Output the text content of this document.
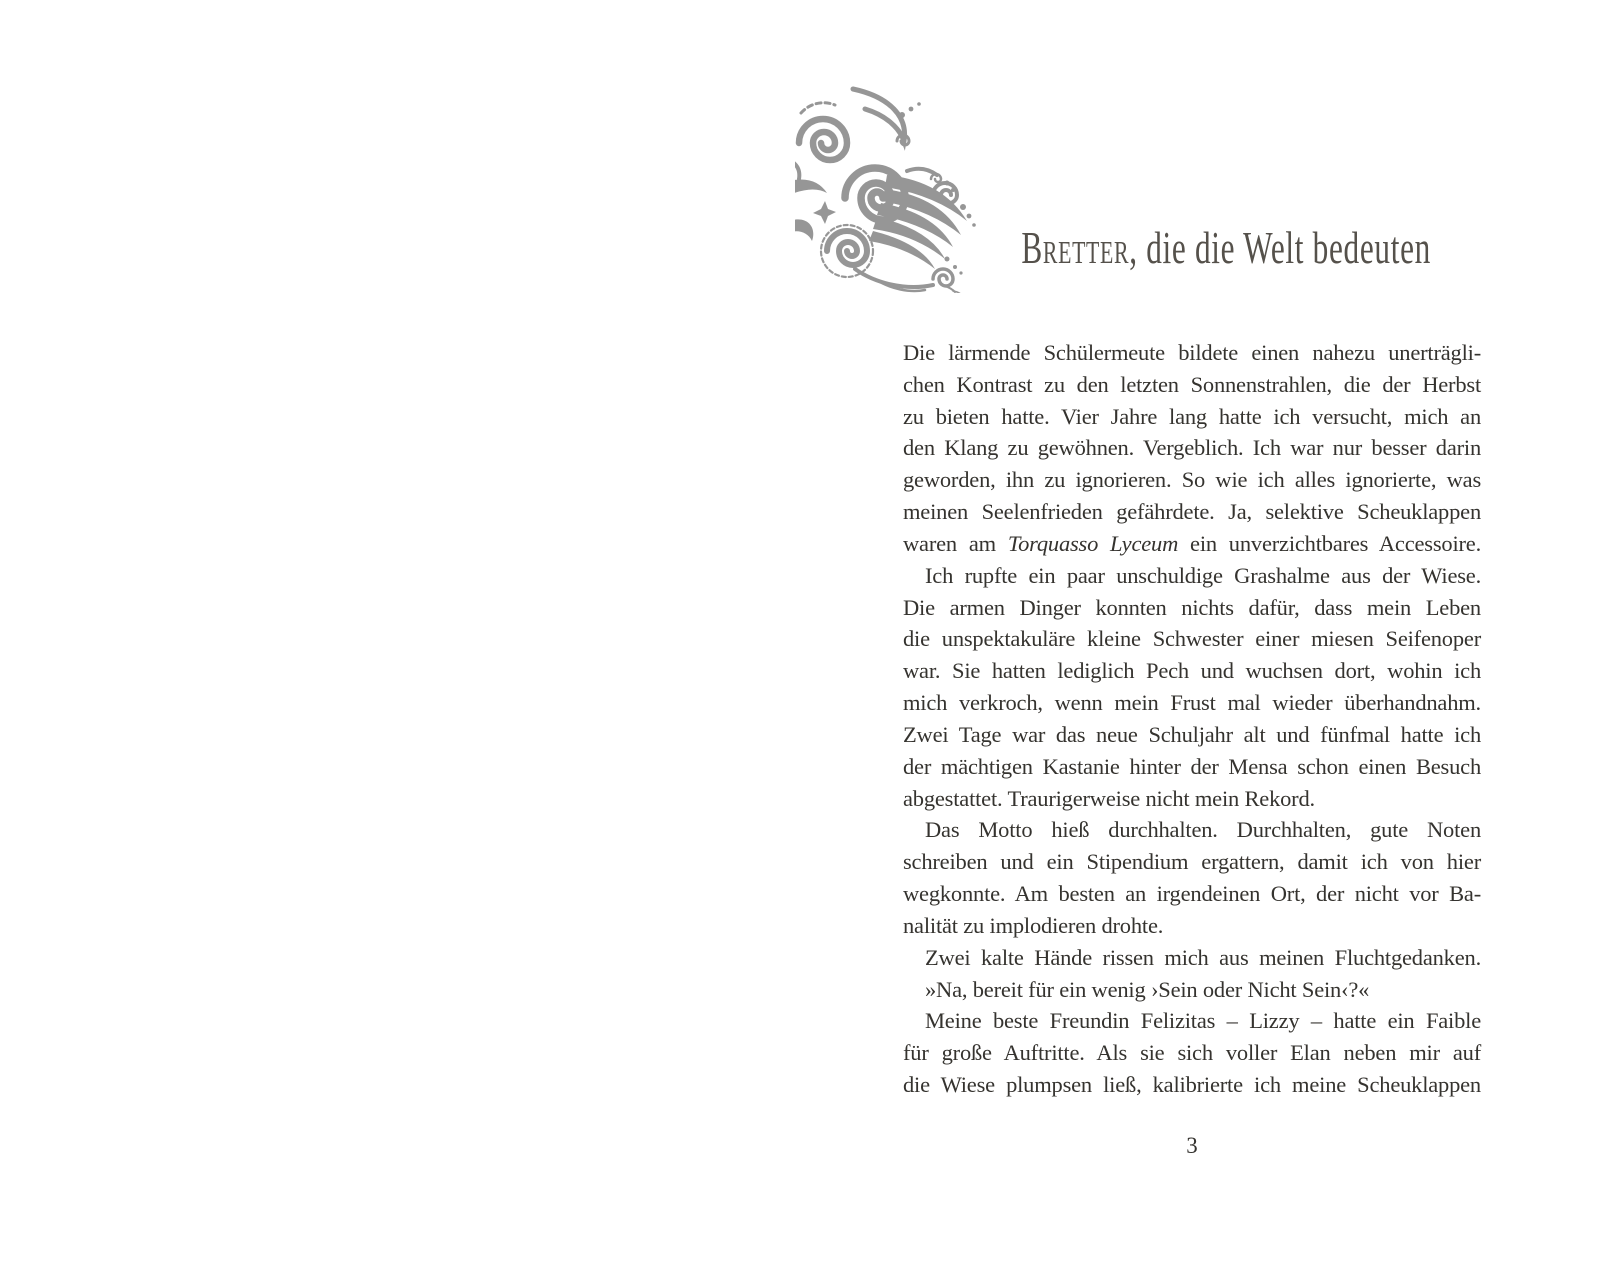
Bretter, die die Welt bedeuten
Die lärmende Schülermeute bildete einen nahezu unerträgli-
chen Kontrast zu den letzten Sonnenstrahlen, die der Herbst
zu bieten hatte. Vier Jahre lang hatte ich versucht, mich an
den Klang zu gewöhnen. Vergeblich. Ich war nur besser darin
geworden, ihn zu ignorieren. So wie ich alles ignorierte, was
meinen Seelenfrieden gefährdete. Ja, selektive Scheuklappen
waren am Torquasso Lyceum ein unverzichtbares Accessoire.
Ich rupfte ein paar unschuldige Grashalme aus der Wiese.
Die armen Dinger konnten nichts dafür, dass mein Leben
die unspektakuläre kleine Schwester einer miesen Seifenoper
war. Sie hatten lediglich Pech und wuchsen dort, wohin ich
mich verkroch, wenn mein Frust mal wieder überhandnahm.
Zwei Tage war das neue Schuljahr alt und fünfmal hatte ich
der mächtigen Kastanie hinter der Mensa schon einen Besuch
abgestattet. Traurigerweise nicht mein Rekord.
Das Motto hieß durchhalten. Durchhalten, gute Noten
schreiben und ein Stipendium ergattern, damit ich von hier
wegkonnte. Am besten an irgendeinen Ort, der nicht vor Ba-
nalität zu implodieren drohte.
Zwei kalte Hände rissen mich aus meinen Fluchtgedanken.
»Na, bereit für ein wenig ›Sein oder Nicht Sein‹?«
Meine beste Freundin Felizitas – Lizzy – hatte ein Faible
für große Auftritte. Als sie sich voller Elan neben mir auf
die Wiese plumpsen ließ, kalibrierte ich meine Scheuklappen
3
